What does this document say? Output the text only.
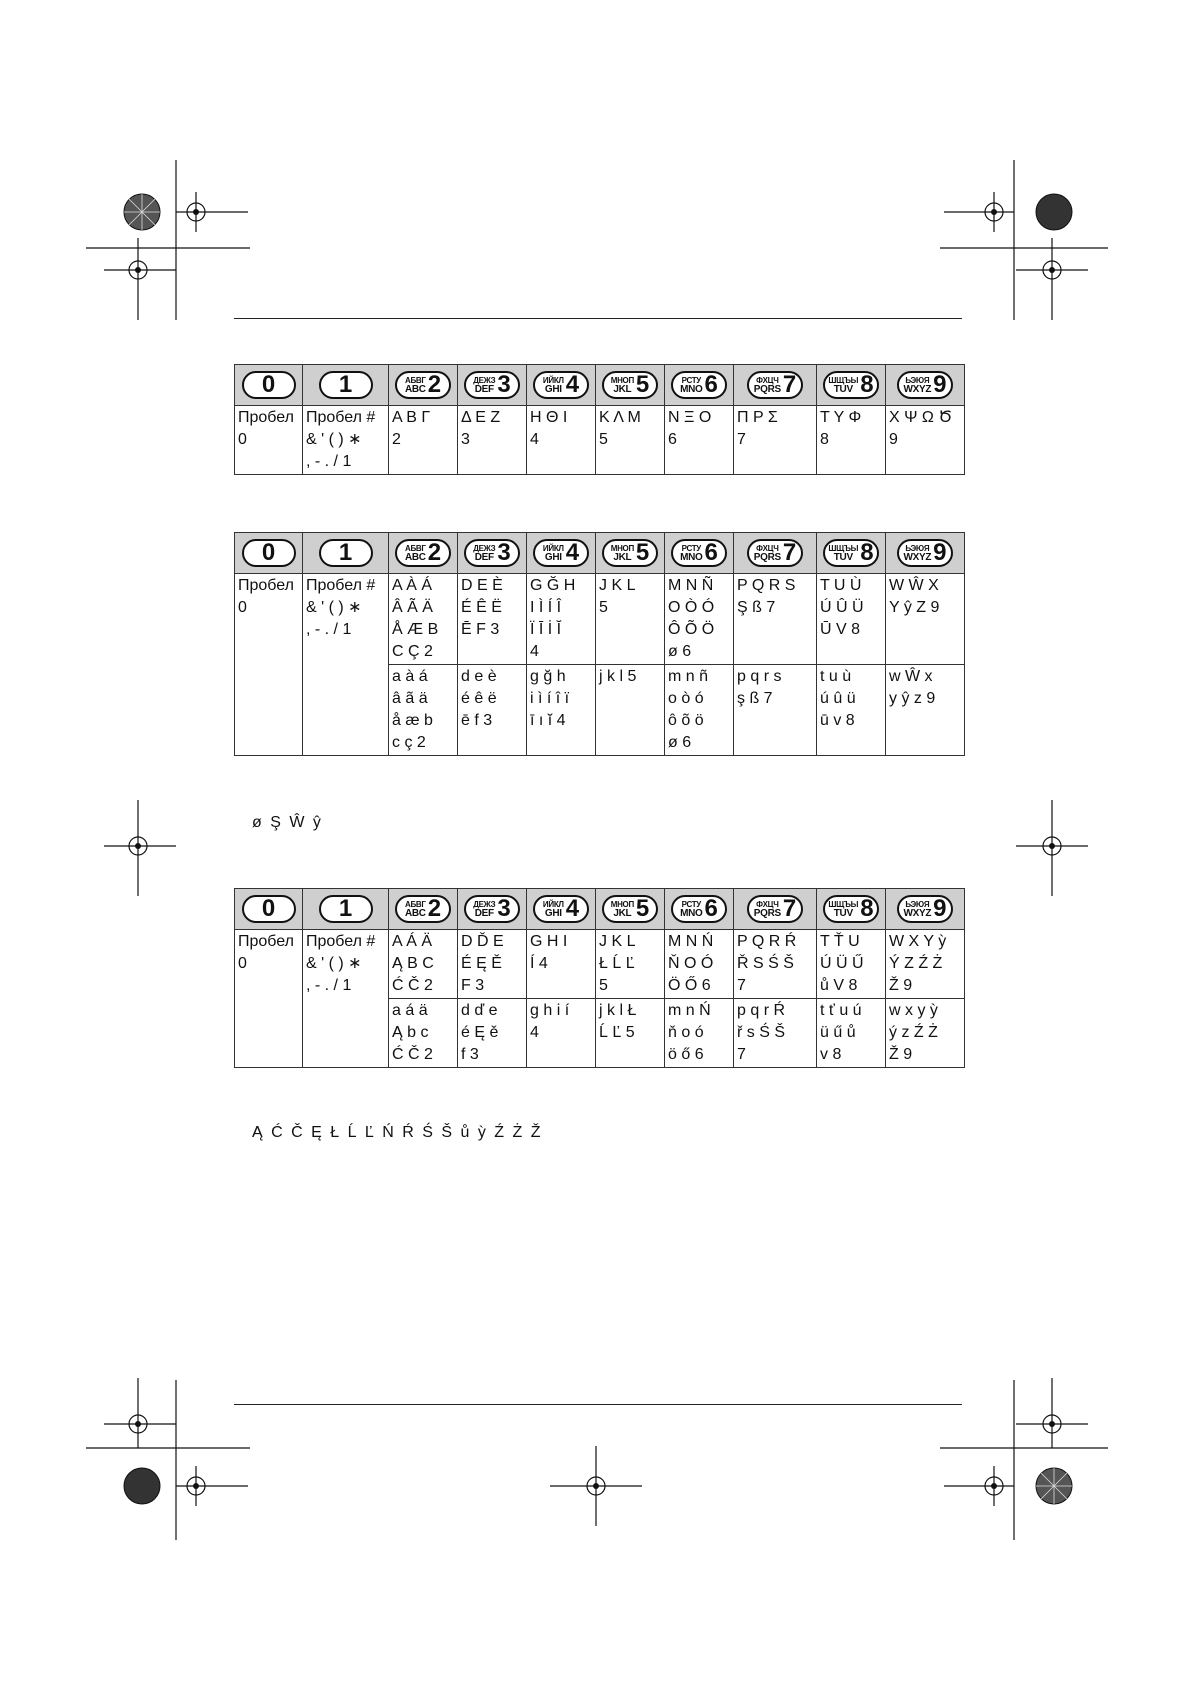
0	1	АБВГ
ABC 2	ДЕЖЗ
DEF 3	ИЙКЛ
GHI 4	МНОП
JKL 5	РСТУ
MNO 6	ФХЦЧ
PQRS 7	ШЩЪЫ
TUV 8	ЬЭЮЯ
WXYZ 9

Пробел
0	Пробел #
& ' ( ) ∗
, - . / 1	Α Β Γ
2	Δ Ε Ζ
3	Η Θ Ι
4	Κ Λ Μ
5	Ν Ξ Ο
6	Π Ρ Σ
7	Τ Υ Φ
8	Χ Ψ Ω Ծ
9
0	1	АБВГ
ABC 2	ДЕЖЗ
DEF 3	ИЙКЛ
GHI 4	МНОП
JKL 5	РСТУ
MNO 6	ФХЦЧ
PQRS 7	ШЩЪЫ
TUV 8	ЬЭЮЯ
WXYZ 9

Пробел
0	Пробел #
& ' ( ) ∗
, - . / 1	A À Á
Â Ã Ä
Å Æ B
C Ç 2	D E È
É Ê Ë
Ē F 3	G Ğ H
I Ì Í Î
Ï Ī İ Ĭ
4	J K L
5	M N Ñ
O Ò Ó
Ô Õ Ö
ø 6	P Q R S
Ş ß 7	T U Ù
Ú Û Ü
Ū V 8	W Ŵ X
Y ŷ Z 9
		a à á
â ã ä
å æ b
c ç 2	d e è
é ê ë
ē f 3	g ğ h
i ì í î ï
ī ı ĭ 4	j k l 5	m n ñ
o ò ó
ô õ ö
ø 6	p q r s
ş ß 7	t u ù
ú û ü
ū v 8	w Ŵ x
y ŷ z 9
ø Ş Ŵ ŷ
0	1	АБВГ
ABC 2	ДЕЖЗ
DEF 3	ИЙКЛ
GHI 4	МНОП
JKL 5	РСТУ
MNO 6	ФХЦЧ
PQRS 7	ШЩЪЫ
TUV 8	ЬЭЮЯ
WXYZ 9

Пробел
0	Пробел #
& ' ( ) ∗
, - . / 1	A Á Ä
Ą B C
Ć Č 2	D Ď E
É Ę Ě
F 3	G H I
Í 4	J K L
Ł Ĺ Ľ
5	M N Ń
Ň O Ó
Ö Ő 6	P Q R Ŕ
Ř S Ś Š
7	T Ť U
Ú Ü Ű
ů V 8	W X Y ỳ
Ý Z Ź Ż
Ž 9
		a á ä
Ą b c
Ć Č 2	d ď e
é Ę ě
f 3	g h i í
4	j k l Ł
Ĺ Ľ 5	m n Ń
ň o ó
ö ő 6	p q r Ŕ
ř s Ś Š
7	t ť u ú
ü ű ů
v 8	w x y ỳ
ý z Ź Ż
Ž 9
Ą Ć Č Ę Ł Ĺ Ľ Ń Ŕ Ś Š ů ỳ Ź Ż Ž
